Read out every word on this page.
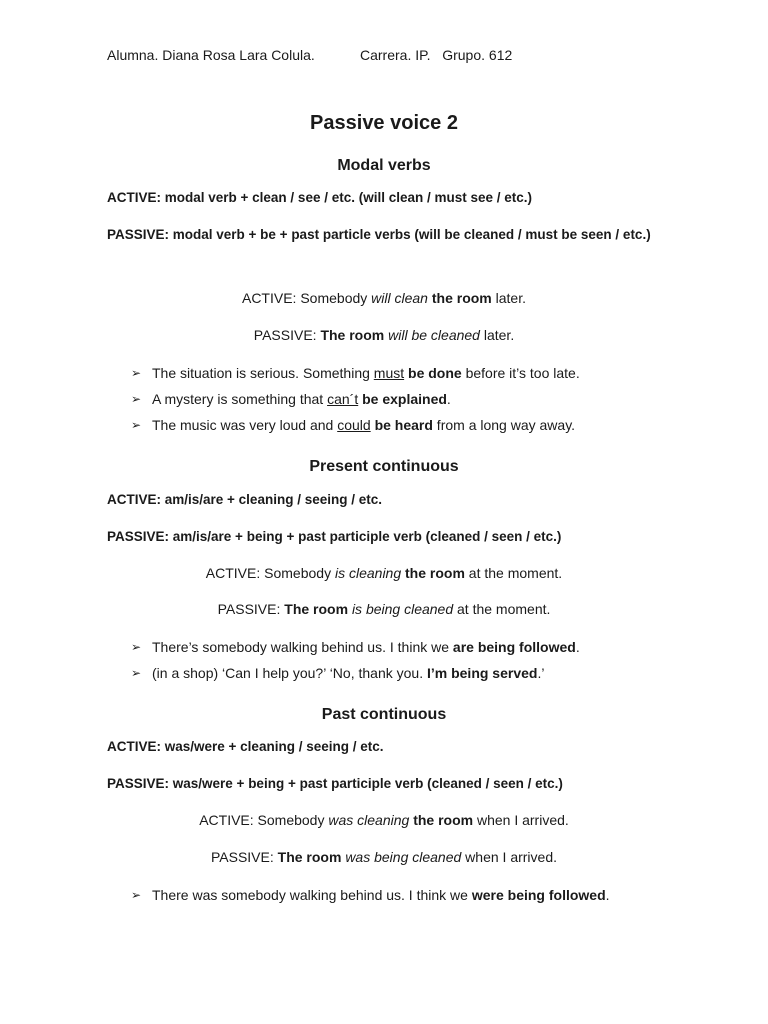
Alumna. Diana Rosa Lara Colula.	Carrera. IP. Grupo. 612
Passive voice 2
Modal verbs
ACTIVE: modal verb + clean / see / etc. (will clean / must see / etc.)
PASSIVE: modal verb + be + past particle verbs (will be cleaned / must be seen / etc.)
ACTIVE: Somebody will clean the room later.
PASSIVE: The room will be cleaned later.
➢ The situation is serious. Something must be done before it’s too late.
➢ A mystery is something that can´t be explained.
➢ The music was very loud and could be heard from a long way away.
Present continuous
ACTIVE: am/is/are + cleaning / seeing / etc.
PASSIVE: am/is/are + being + past participle verb (cleaned / seen / etc.)
ACTIVE: Somebody is cleaning the room at the moment.
PASSIVE: The room is being cleaned at the moment.
➢ There’s somebody walking behind us. I think we are being followed.
➢ (in a shop) ‘Can I help you?’ ‘No, thank you. I’m being served.’
Past continuous
ACTIVE: was/were + cleaning / seeing / etc.
PASSIVE: was/were + being + past participle verb (cleaned / seen / etc.)
ACTIVE: Somebody was cleaning the room when I arrived.
PASSIVE: The room was being cleaned when I arrived.
➢ There was somebody walking behind us. I think we were being followed.
